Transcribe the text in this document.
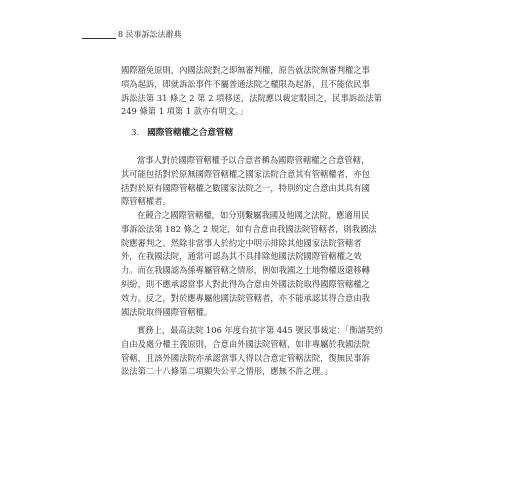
8 民事訴訟法辭典
國際豁免原則，內國法院對之即無審判權，原告就法院無審判權之事
項為起訴，即就訴訟事件不屬普通法院之權限為起訴，且不能依民事
訴訟法第 31 條之 2 第 2 項移送，法院應以裁定駁回之，民事訴訟法第
249 條第 1 項第 1 款亦有明文。」
3. 國際管轄權之合意管轄
當事人對於國際管轄權予以合意者稱為國際管轄權之合意管轄，
其可能包括對於原無國際管轄權之國家法院合意其有管轄權者，亦包
括對於原有國際管轄權之數國家法院之一，特別約定合意由其具有國
際管轄權者。
在競合之國際管轄權，如分別繫屬我國及他國之法院，應適用民
事訴訟法第 182 條之 2 規定，如有合意由我國法院管轄者，則我國法
院應審判之。然除非當事人於約定中明示排除其他國家法院管轄者
外，在我國法院，通常可認為其不具排除他國法院國際管轄權之效
力。而在我國認為係專屬管轄之情形，例如我國之土地物權返還移轉
糾紛，則不應承認當事人對此得為合意由外國法院取得國際管轄權之
效力。反之，對於應專屬他國法院管轄者，亦不能承認其得合意由我
國法院取得國際管轄權。
實務上，最高法院 106 年度台抗字第 445 號民事裁定：「衡諸契約
自由及處分權主義原則，合意由外國法院管轄，如非專屬於我國法院
管轄，且該外國法院亦承認當事人得以合意定管轄法院，復無民事訴
訟法第二十八條第二項顯失公平之情形，應無不許之理。」
